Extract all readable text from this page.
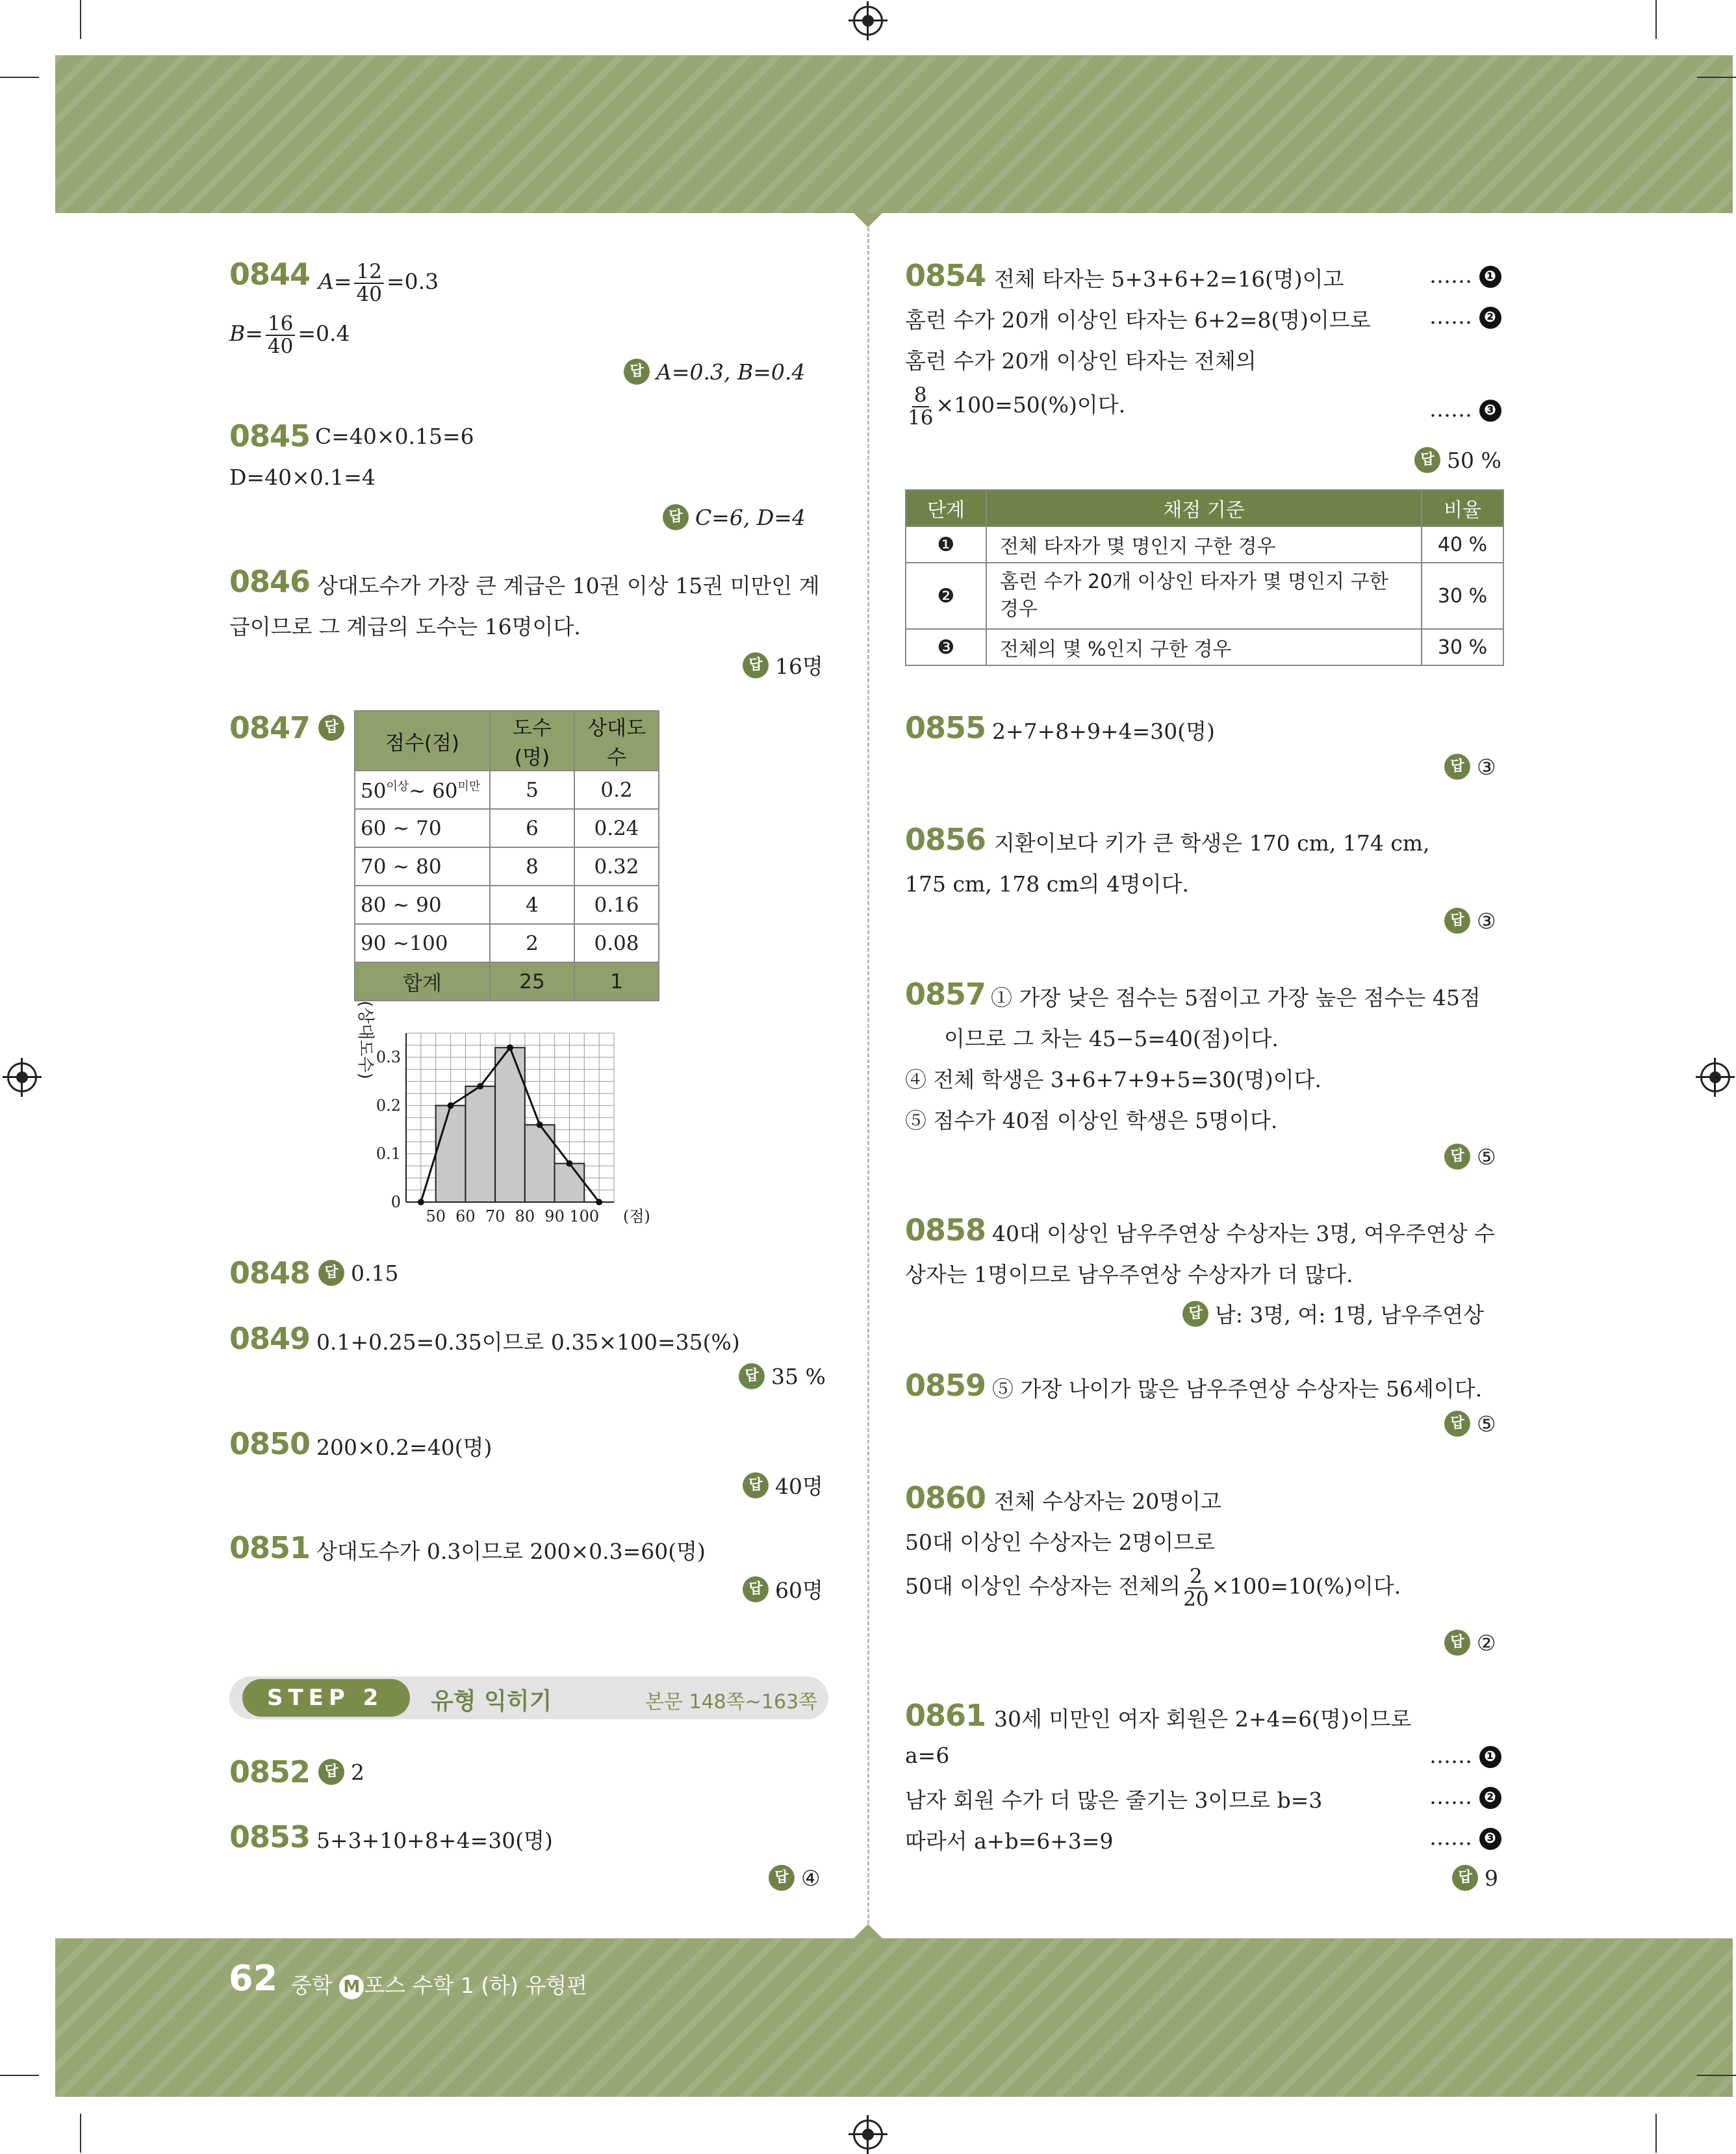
0844 $A= \frac{12}{40} =0.3$
$B= \frac{16}{40} =0.4$
답 A=0.3, B=0.4
0845 C=40×0.15=6
D=40×0.1=4
답 C=6, D=4
0846 상대도수가 가장 큰 계급은 10권 이상 15권 미만인 계
급이므로 그 계급의 도수는 16명이다.
답 16명
0847	답
점수(점)	도수(명)	상대도수
$50^{이상}\sim$ $60^{미만}$	5	0.2
60 ~ 70	6	0.24
70 ~ 80	8	0.32
80 ~ 90	4	0.16
90 ~100	2	0.08
합계	25	1
50 60 70 80 90 100 (점)
0
0.1
0.2
0.3
(상대도수)
0848	답 0.15
0849 0.1+0.25=0.35이므로 0.35×100=35(%)
답 35 %
0850 200×0.2=40(명)
답 40명
0851 상대도수가 0.3이므로 200×0.3=60(명)
답 60명
STEP 2	유형 익히기	본문 148쪽~163쪽
0852	답 2
0853 5+3+10+8+4=30(명)
답 ④
0854 전체 타자는 5+3+6+2=16(명)이고	…… ❶
홈런 수가 20개 이상인 타자는 6+2=8(명)이므로	…… ❷
홈런 수가 20개 이상인 타자는 전체의
$\frac{8}{16} \times 100=50(\%)$이다.	…… ❸
답 50 %
단계	채점 기준	비율
❶	전체 타자가 몇 명인지 구한 경우	40 %
❷	홈런 수가 20개 이상인 타자가 몇 명인지 구한 경우	30 %
❸	전체의 몇 %인지 구한 경우	30 %
0855 2+7+8+9+4=30(명)
답 ③
0856 지환이보다 키가 큰 학생은 170 cm, 174 cm,
175 cm, 178 cm의 4명이다.
답 ③
0857 ① 가장 낮은 점수는 5점이고 가장 높은 점수는 45점
이므로 그 차는 45−5=40(점)이다.
④ 전체 학생은 3+6+7+9+5=30(명)이다.
⑤ 점수가 40점 이상인 학생은 5명이다.
답 ⑤
0858 40대 이상인 남우주연상 수상자는 3명, 여우주연상 수
상자는 1명이므로 남우주연상 수상자가 더 많다.
답 남: 3명, 여: 1명, 남우주연상
0859 ⑤ 가장 나이가 많은 남우주연상 수상자는 56세이다.
답 ⑤
0860 전체 수상자는 20명이고
50대 이상인 수상자는 2명이므로
50대 이상인 수상자는 전체의 $\frac{2}{20} \times 100=10(\%)$이다.
답 ②
0861 30세 미만인 여자 회원은 2+4=6(명)이므로
a=6	…… ❶
남자 회원 수가 더 많은 줄기는 3이므로 b=3	…… ❷
따라서 a+b=6+3=9	…… ❸
답 9
62 중학 M 포스 수학 1 (하) 유형편
